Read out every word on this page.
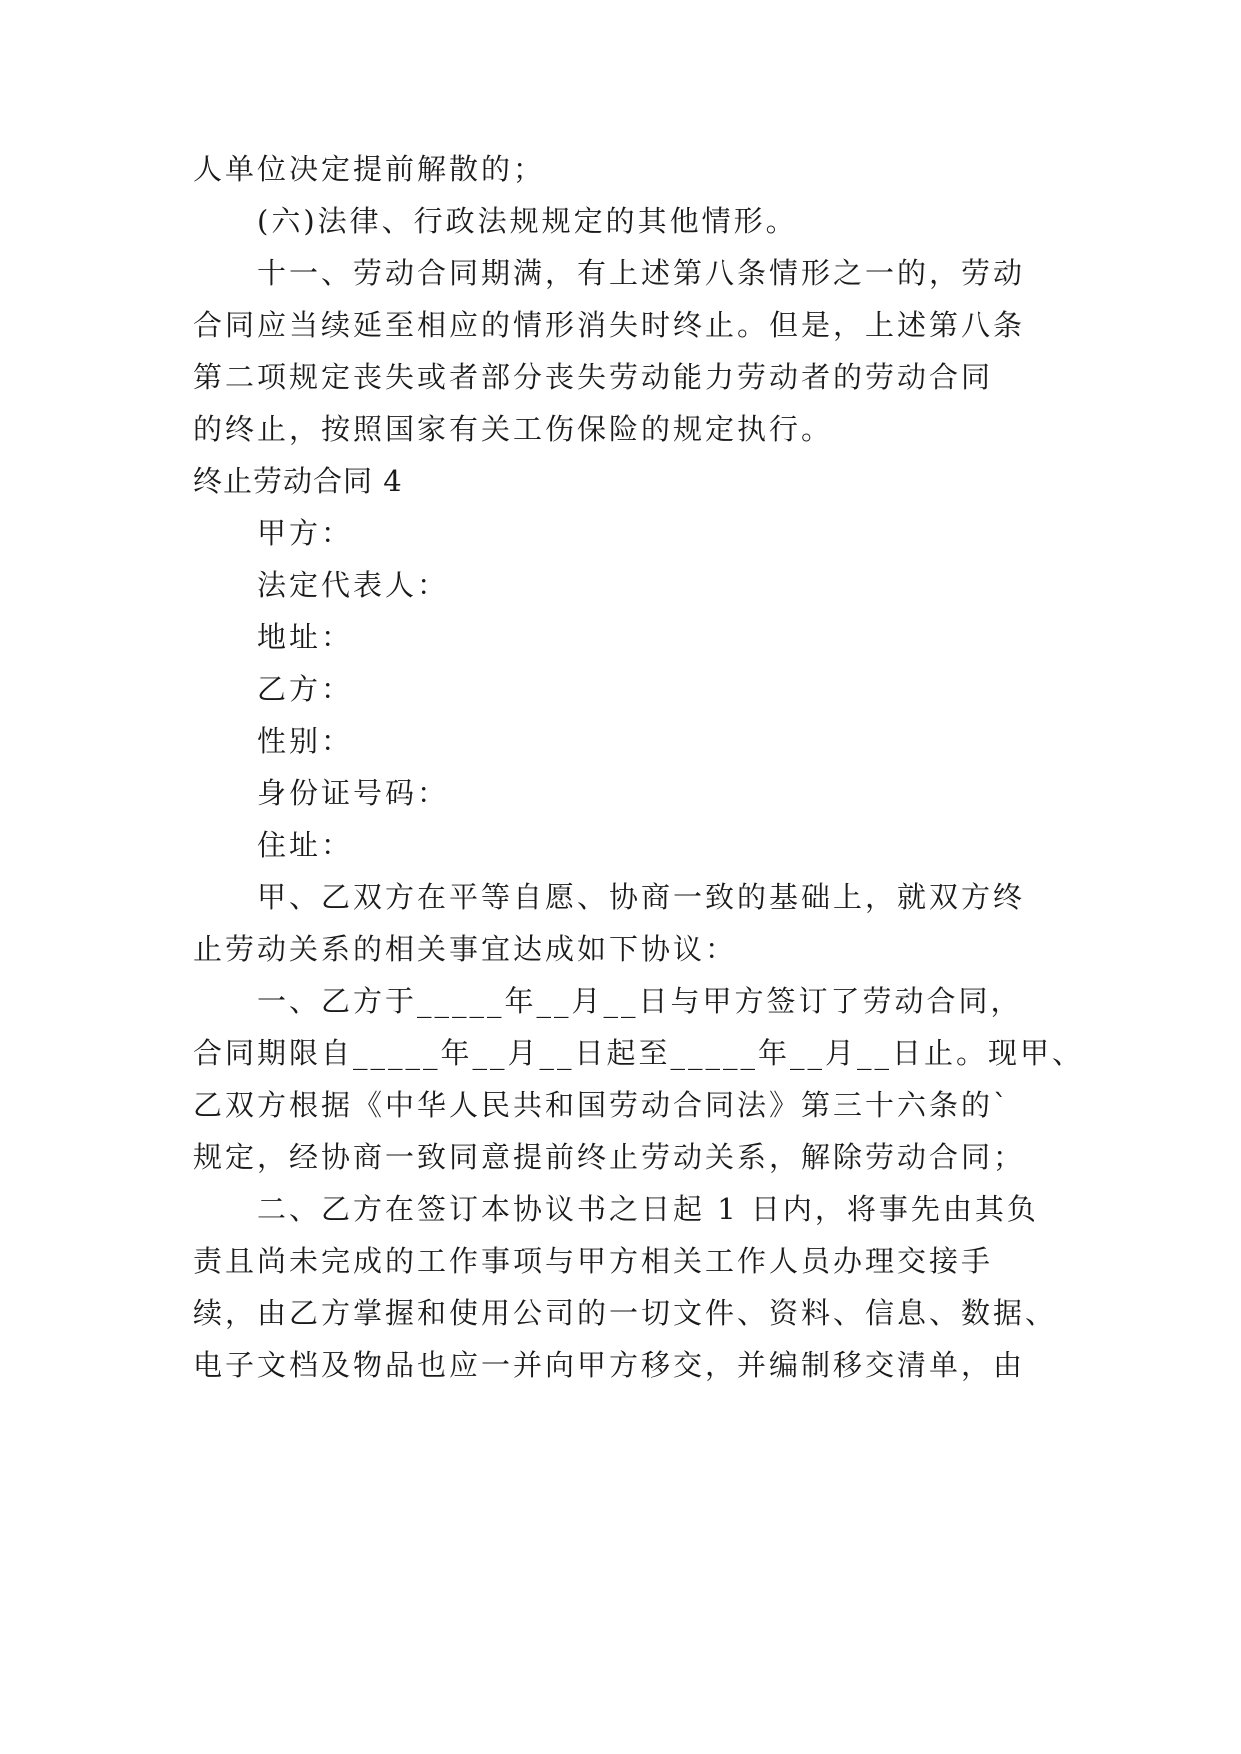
人单位决定提前解散的；
(六)法律、行政法规规定的其他情形。
十一、劳动合同期满，有上述第八条情形之一的，劳动
合同应当续延至相应的情形消失时终止。但是，上述第八条
第二项规定丧失或者部分丧失劳动能力劳动者的劳动合同
的终止，按照国家有关工伤保险的规定执行。
终止劳动合同 4
甲方：
法定代表人：
地址：
乙方：
性别：
身份证号码：
住址：
甲、乙双方在平等自愿、协商一致的基础上，就双方终
止劳动关系的相关事宜达成如下协议：
一、乙方于_____年__月__日与甲方签订了劳动合同，
合同期限自_____年__月__日起至_____年__月__日止。现甲、
乙双方根据《中华人民共和国劳动合同法》第三十六条的`
规定，经协商一致同意提前终止劳动关系，解除劳动合同；
二、乙方在签订本协议书之日起 1 日内，将事先由其负
责且尚未完成的工作事项与甲方相关工作人员办理交接手
续，由乙方掌握和使用公司的一切文件、资料、信息、数据、
电子文档及物品也应一并向甲方移交，并编制移交清单，由
